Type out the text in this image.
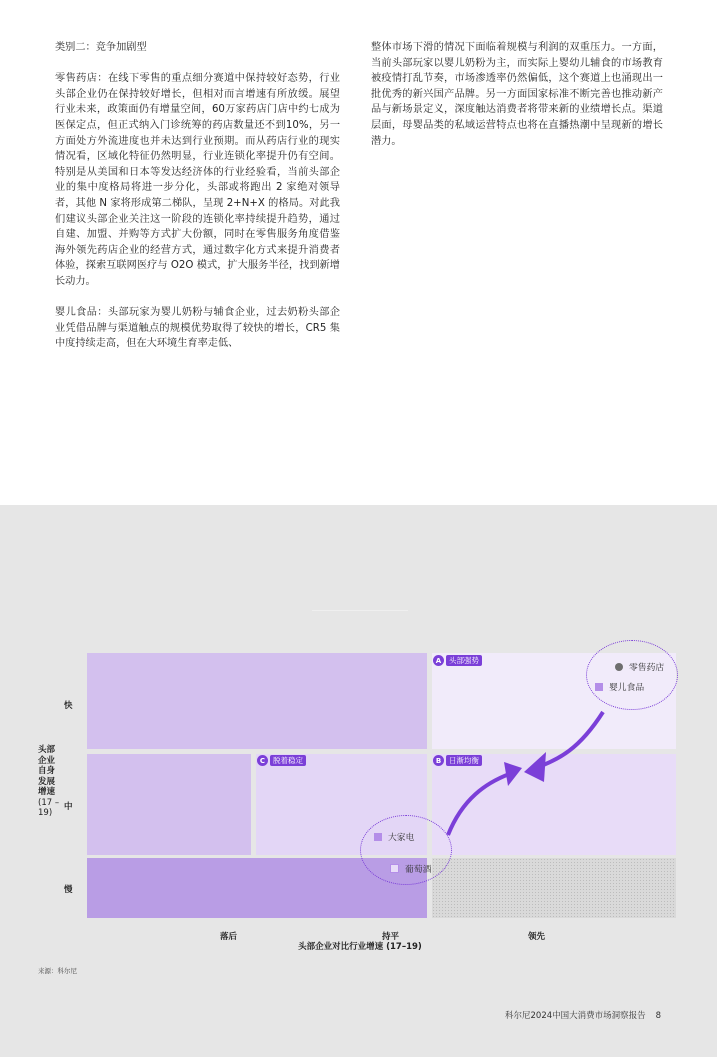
类别二：竞争加剧型

零售药店：在线下零售的重点细分赛道中保持较好态势，行业头部企业仍在保持较好增长，但相对而言增速有所放缓。展望行业未来，政策面仍有增量空间，60万家药店门店中约七成为医保定点，但正式纳入门诊统筹的药店数量还不到10%，另一方面处方外流进度也并未达到行业预期。而从药店行业的现实情况看，区域化特征仍然明显，行业连锁化率提升仍有空间。特别是从美国和日本等发达经济体的行业经验看，当前头部企业的集中度格局将进一步分化，头部或将跑出 2 家绝对领导者，其他 N 家将形成第二梯队，呈现 2+N+X 的格局。对此我们建议头部企业关注这一阶段的连锁化率持续提升趋势，通过自建、加盟、并购等方式扩大份额，同时在零售服务角度借鉴海外领先药店企业的经营方式，通过数字化方式来提升消费者体验，探索互联网医疗与 O2O 模式，扩大服务半径，找到新增长动力。

婴儿食品：头部玩家为婴儿奶粉与辅食企业，过去奶粉头部企业凭借品牌与渠道触点的规模优势取得了较快的增长，CR5 集中度持续走高，但在大环境生育率走低、

整体市场下滑的情况下面临着规模与利润的双重压力。一方面，当前头部玩家以婴儿奶粉为主，而实际上婴幼儿辅食的市场教育被疫情打乱节奏，市场渗透率仍然偏低，这个赛道上也涌现出一批优秀的新兴国产品牌。另一方面国家标准不断完善也推动新产品与新场景定义，深度触达消费者将带来新的业绩增长点。渠道层面，母婴品类的私域运营特点也将在直播热潮中呈现新的增长潜力。

A	头部强势
B	日渐均衡
C	脱着稳定
头部企业自身发展增速
(17 – 19)
快
中
慢
落后	持平	领先
头部企业对比行业增速 (17–19)
零售药店
婴儿食品
大家电
葡萄酒
来源：科尔尼
科尔尼2024中国大消费市场洞察报告 8
